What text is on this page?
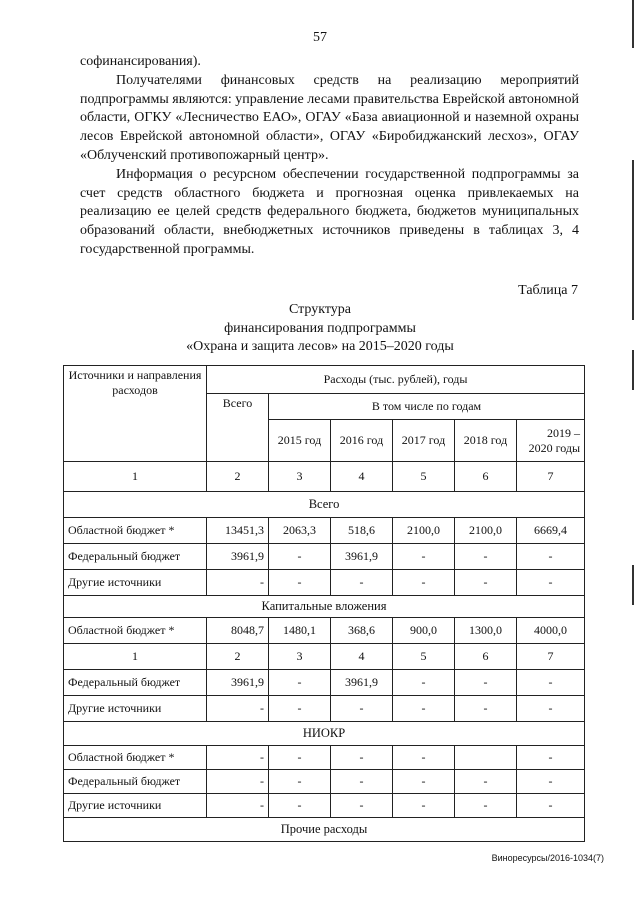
57

софинансирования).

Получателями финансовых средств на реализацию мероприятий подпрограммы являются: управление лесами правительства Еврейской автономной области, ОГКУ «Лесничество ЕАО», ОГАУ «База авиационной и наземной охраны лесов Еврейской автономной области», ОГАУ «Биробиджанский лесхоз», ОГАУ «Облученский противопожарный центр».

Информация о ресурсном обеспечении государственной подпрограммы за счет средств областного бюджета и прогнозная оценка привлекаемых на реализацию ее целей средств федерального бюджета, бюджетов муниципальных образований области, внебюджетных источников приведены в таблицах 3, 4 государственной программы.

Таблица 7
Структура
финансирования подпрограммы
«Охрана и защита лесов» на 2015–2020 годы
Источники и направления расходов	Расходы (тыс. рублей), годы					
	Всего	В том числе по годам				
		2015 год	2016 год	2017 год	2018 год	2019 – 2020 годы
1	2	3	4	5	6	7
Всего						
Областной бюджет *	13451,3	2063,3	518,6	2100,0	2100,0	6669,4
Федеральный бюджет	3961,9	-	3961,9	-	-	-
Другие источники	-	-	-	-	-	-
Капитальные вложения						
Областной бюджет *	8048,7	1480,1	368,6	900,0	1300,0	4000,0
1	2	3	4	5	6	7
Федеральный бюджет	3961,9	-	3961,9	-	-	-
Другие источники	-	-	-	-	-	-
НИОКР						
Областной бюджет *	-	-	-	-		-
Федеральный бюджет	-	-	-	-	-	-
Другие источники	-	-	-	-	-	-
Прочие расходы						
Виноресурсы/2016-1034(7)
